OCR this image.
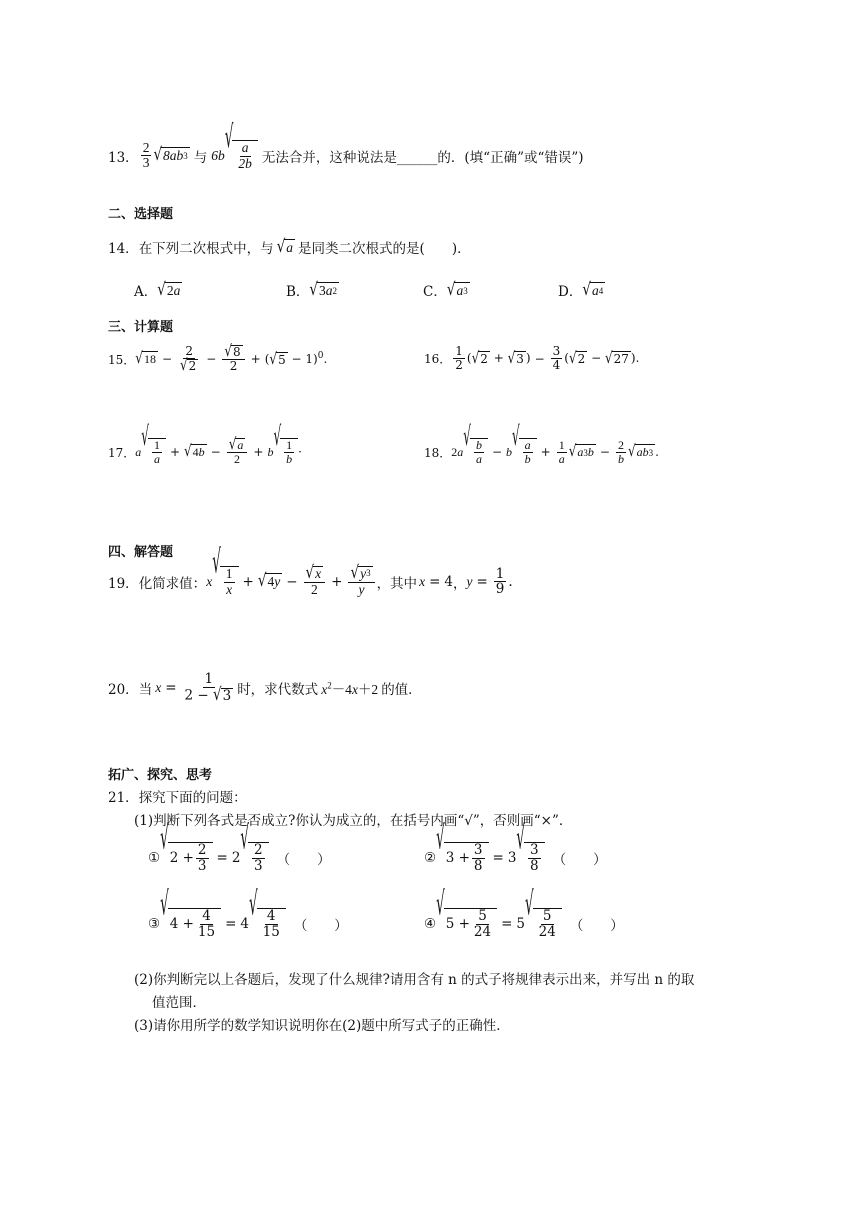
13． $\frac{2}{3}$ √ 8 ab 3 与 6b √
$\frac{a}{2b}$ 无法合并，这种说法是______的．(填“正确”或“错误”)
二、选择题
14． 在下列二次根式中，与 √ a 是同类二次根式的是(　　)．
A． √ 2 a	B． √ 3 a 2	C． √ a 3	D． √ a 4
三、计算题
15． √ $18 - \frac{2}{√ 2} - \frac{√ 8}{2}$ + ( √ 5 − 1)$^0$.	16． $\frac{1}{2}$ ( √ 2 + √ 3 ) − $\frac{3}{4}$ ( √ 2 − √ 27 ).
17． a √
$\frac{1}{a}$ + √ 4 $b - \frac{√ a}{2} + b$ √
$\frac{1}{b}$ ·	18． 2a √
$\frac{b}{a} - b$ √
$\frac{a}{b} + \frac{1}{a}$ √ a 3 $b - \frac{2}{b}$ √ ab 3 .
四、解答题
19． 化简求值： x √
$\frac{1}{x}$ + √ 4 $y - \frac{√ x}{2} + \frac{√ y 3}{y}$ ，其中 x = 4 ， $y = \frac{1}{9}$ .
20． 当 $x = \frac{1}{2 - √ 3}$ 时，求代数式 $x^2-4x+2$ 的值．
拓广、探究、思考
21．探究下面的问题：
(1)判断下列各式是否成立?你认为成立的，在括号内画“√”，否则画“×”．
① √
$2 + \frac{2}{3} = 2$ √
$\frac{2}{3}$ （　　）	② √
$3 + \frac{3}{8} = 3$ √
$\frac{3}{8}$ （　　）
③ √
$4 + \frac{4}{15} = 4$ √
$\frac{4}{15}$ （　　）	④ √
$5 + \frac{5}{24} = 5$ √
$\frac{5}{24}$ （　　）
(2)你判断完以上各题后，发现了什么规律?请用含有 n 的式子将规律表示出来，并写出 n 的取
值范围．
(3)请你用所学的数学知识说明你在(2)题中所写式子的正确性．
